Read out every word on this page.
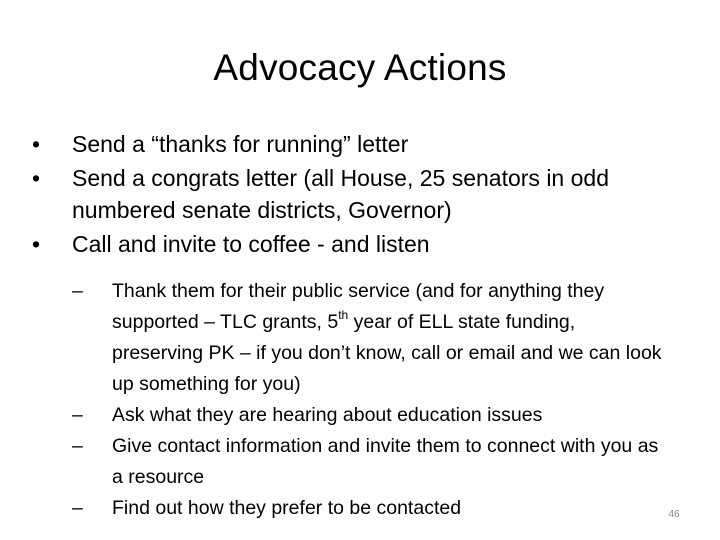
Advocacy Actions
• Send a “thanks for running” letter
• Send a congrats letter (all House, 25 senators in odd numbered senate districts, Governor)
• Call and invite to coffee - and listen
– Thank them for their public service (and for anything they supported – TLC grants, 5th year of ELL state funding, preserving PK – if you don’t know, call or email and we can look up something for you)
– Ask what they are hearing about education issues
– Give contact information and invite them to connect with you as a resource
– Find out how they prefer to be contacted	46
